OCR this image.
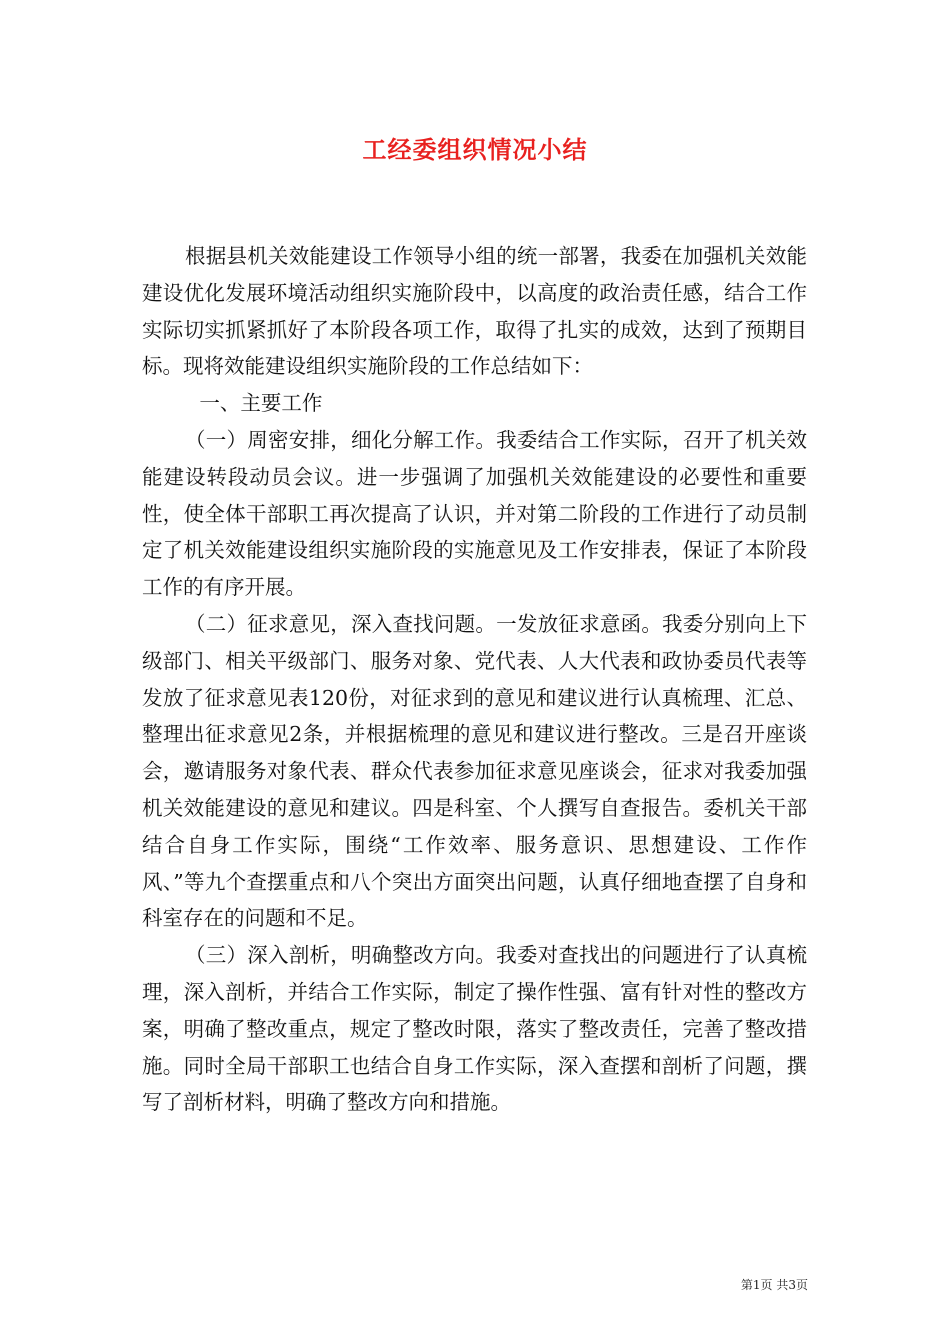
工经委组织情况小结

根据县机关效能建设工作领导小组的统一部署，我委在加强机关效能建设优化发展环境活动组织实施阶段中，以高度的政治责任感，结合工作实际切实抓紧抓好了本阶段各项工作，取得了扎实的成效，达到了预期目标。现将效能建设组织实施阶段的工作总结如下：

一、主要工作

（一）周密安排，细化分解工作。我委结合工作实际，召开了机关效能建设转段动员会议。进一步强调了加强机关效能建设的必要性和重要性，使全体干部职工再次提高了认识，并对第二阶段的工作进行了动员制定了机关效能建设组织实施阶段的实施意见及工作安排表，保证了本阶段工作的有序开展。

（二）征求意见，深入查找问题。一发放征求意函。我委分别向上下级部门、相关平级部门、服务对象、党代表、人大代表和政协委员代表等发放了征求意见表120份，对征求到的意见和建议进行认真梳理、汇总、整理出征求意见2条，并根据梳理的意见和建议进行整改。三是召开座谈会，邀请服务对象代表、群众代表参加征求意见座谈会，征求对我委加强机关效能建设的意见和建议。四是科室、个人撰写自查报告。委机关干部结合自身工作实际，围绕“工作效率、服务意识、思想建设、工作作风、”等九个查摆重点和八个突出方面突出问题，认真仔细地查摆了自身和科室存在的问题和不足。

（三）深入剖析，明确整改方向。我委对查找出的问题进行了认真梳理，深入剖析，并结合工作实际，制定了操作性强、富有针对性的整改方案，明确了整改重点，规定了整改时限，落实了整改责任，完善了整改措施。同时全局干部职工也结合自身工作实际，深入查摆和剖析了问题，撰写了剖析材料，明确了整改方向和措施。

第1页 共3页
